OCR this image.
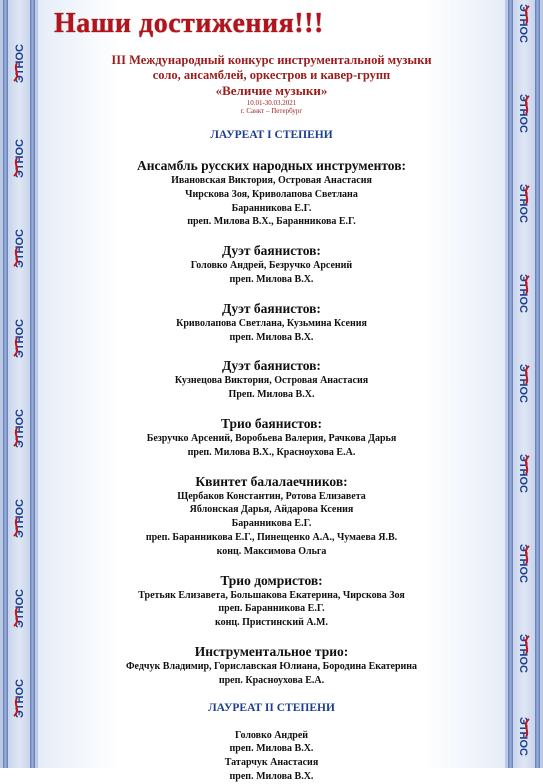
ЭТНОС
ЭТНОС
ЭТНОС
ЭТНОС
ЭТНОС
ЭТНОС
ЭТНОС
ЭТНОС
ЭТНОС
ЭТНОС
ЭТНОС
ЭТНОС
ЭТНОС
ЭТНОС
ЭТНОС
ЭТНОС
ЭТНОС
Наши достижения!!!
III Международный конкурс инструментальной музыки
соло, ансамблей, оркестров и кавер-групп
«Величие музыки»
10.01-30.03.2021
г. Санкт – Петербург
ЛАУРЕАТ I СТЕПЕНИ
Ансамбль русских народных инструментов:
Ивановская Виктория, Островая Анастасия
Чирскова Зоя, Криволапова Светлана
Баранникова Е.Г.
преп. Милова В.Х., Баранникова Е.Г.
Дуэт баянистов:
Головко Андрей, Безручко Арсений
преп. Милова В.Х.
Дуэт баянистов:
Криволапова Светлана, Кузьмина Ксения
преп. Милова В.Х.
Дуэт баянистов:
Кузнецова Виктория, Островая Анастасия
Преп. Милова В.Х.
Трио баянистов:
Безручко Арсений, Воробьева Валерия, Рачкова Дарья
преп. Милова В.Х., Красноухова Е.А.
Квинтет балалаечников:
Щербаков Константин, Ротова Елизавета
Яблонская Дарья, Айдарова Ксения
Баранникова Е.Г.
преп. Баранникова Е.Г., Пинещенко А.А., Чумаева Я.В.
конц. Максимова Ольга
Трио домристов:
Третьяк Елизавета, Большакова Екатерина, Чирскова Зоя
преп. Баранникова Е.Г.
конц. Пристинский А.М.
Инструментальное трио:
Федчук Владимир, Гориславская Юлиана, Бородина Екатерина
преп. Красноухова Е.А.
ЛАУРЕАТ II СТЕПЕНИ
Головко Андрей
преп. Милова В.Х.
Татарчук Анастасия
преп. Милова В.Х.
